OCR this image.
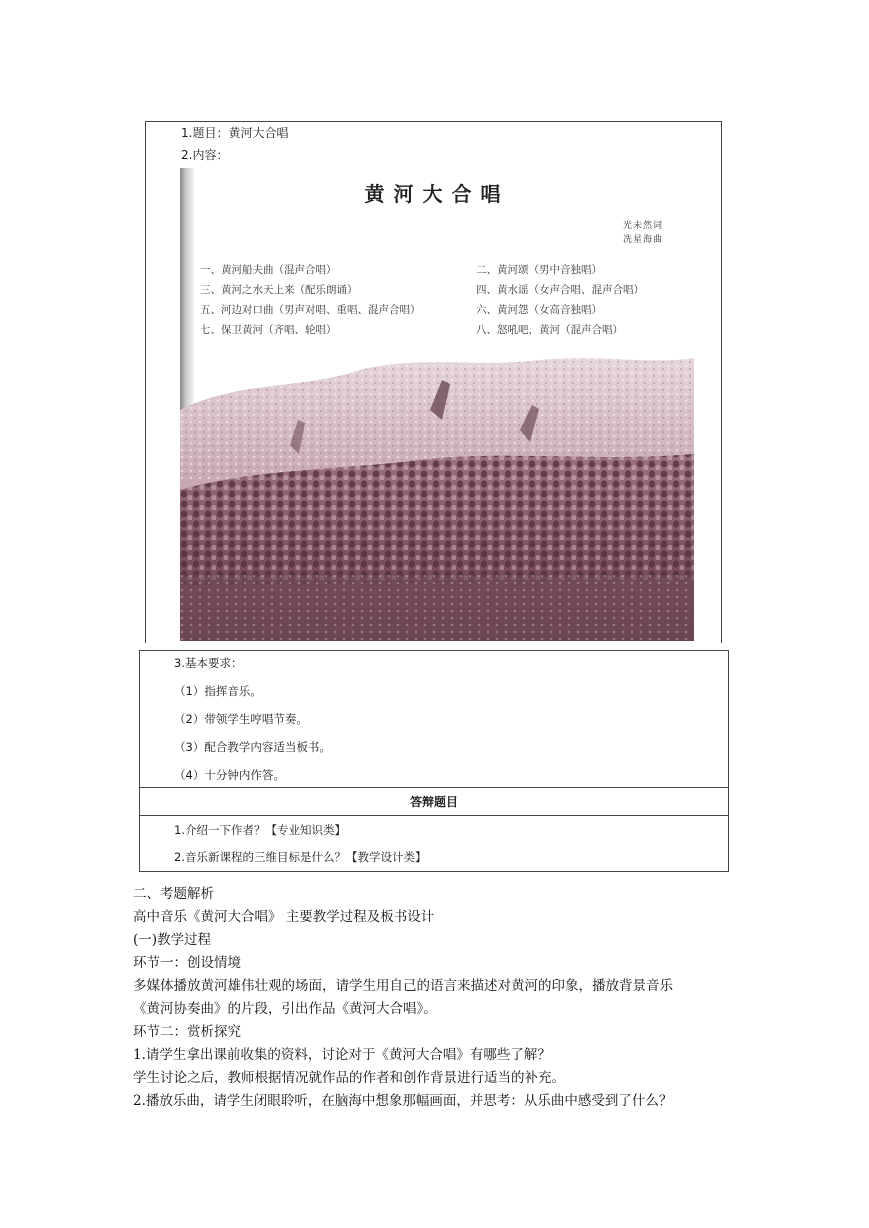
1.题目：黄河大合唱
2.内容：
黄河大合唱
光未然词
冼星海曲
一、黄河船夫曲（混声合唱）
三、黄河之水天上来（配乐朗诵）
五、河边对口曲（男声对唱、重唱、混声合唱）
七、保卫黄河（齐唱、轮唱）
二、黄河颂（男中音独唱）
四、黄水谣（女声合唱、混声合唱）
六、黄河怨（女高音独唱）
八、怒吼吧，黄河（混声合唱）
3.基本要求：
（1）指挥音乐。
（2）带领学生哼唱节奏。
（3）配合教学内容适当板书。
（4）十分钟内作答。
答辩题目
1.介绍一下作者？【专业知识类】
2.音乐新课程的三维目标是什么？【教学设计类】
二、考题解析
高中音乐《黄河大合唱》 主要教学过程及板书设计
(一)教学过程
环节一：创设情境
多媒体播放黄河雄伟壮观的场面，请学生用自己的语言来描述对黄河的印象，播放背景音乐
《黄河协奏曲》的片段，引出作品《黄河大合唱》。
环节二：赏析探究
1.请学生拿出课前收集的资料，讨论对于《黄河大合唱》有哪些了解？
学生讨论之后，教师根据情况就作品的作者和创作背景进行适当的补充。
2.播放乐曲，请学生闭眼聆听，在脑海中想象那幅画面，并思考：从乐曲中感受到了什么？
